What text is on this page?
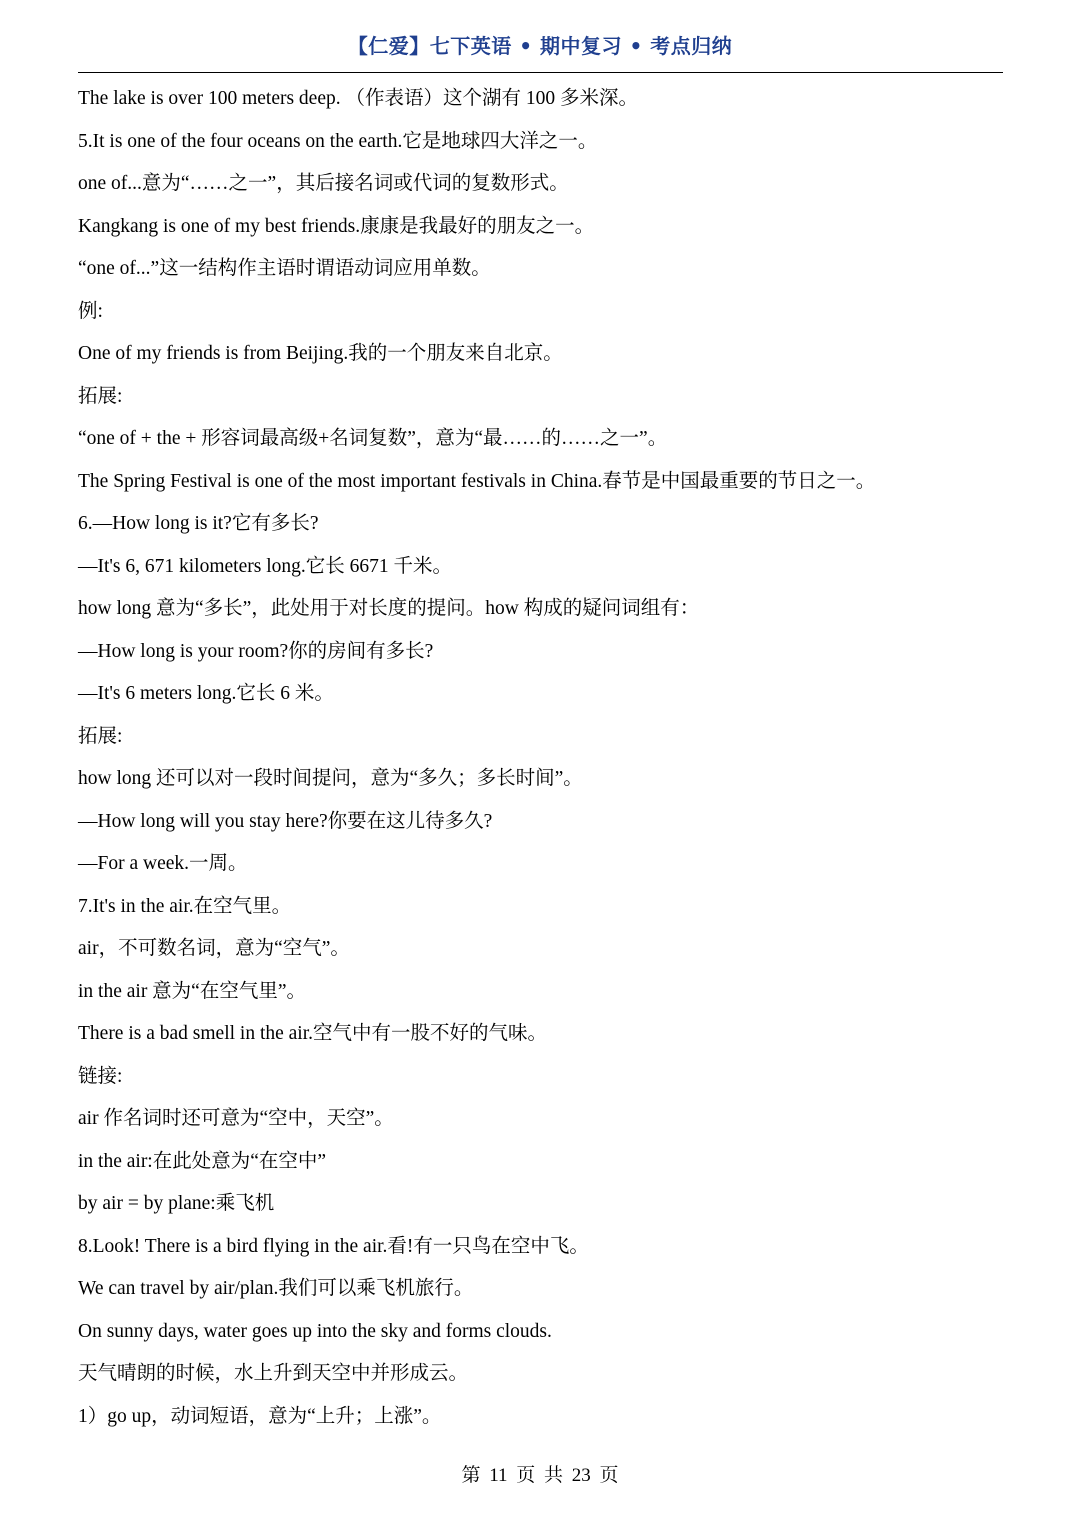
【仁爱】七下英语 • 期中复习 • 考点归纳
The lake is over 100 meters deep. （作表语）这个湖有 100 多米深。
5.It is one of the four oceans on the earth.它是地球四大洋之一。
one of...意为“……之一”，其后接名词或代词的复数形式。
Kangkang is one of my best friends.康康是我最好的朋友之一。
“one of...”这一结构作主语时谓语动词应用单数。
例:
One of my friends is from Beijing.我的一个朋友来自北京。
拓展:
“one of + the + 形容词最高级+名词复数”，意为“最……的……之一”。
The Spring Festival is one of the most important festivals in China.春节是中国最重要的节日之一。
6.—How long is it?它有多长?
—It's 6, 671 kilometers long.它长 6671 千米。
how long 意为“多长”，此处用于对长度的提问。how 构成的疑问词组有：
—How long is your room?你的房间有多长?
—It's 6 meters long.它长 6 米。
拓展:
how long 还可以对一段时间提问，意为“多久；多长时间”。
—How long will you stay here?你要在这儿待多久?
—For a week.一周。
7.It's in the air.在空气里。
air，不可数名词，意为“空气”。
in the air 意为“在空气里”。
There is a bad smell in the air.空气中有一股不好的气味。
链接:
air 作名词时还可意为“空中，天空”。
in the air:在此处意为“在空中”
by air = by plane:乘飞机
8.Look! There is a bird flying in the air.看!有一只鸟在空中飞。
We can travel by air/plan.我们可以乘飞机旅行。
On sunny days, water goes up into the sky and forms clouds.
天气晴朗的时候，水上升到天空中并形成云。
1）go up，动词短语，意为“上升；上涨”。
第 11 页 共 23 页
